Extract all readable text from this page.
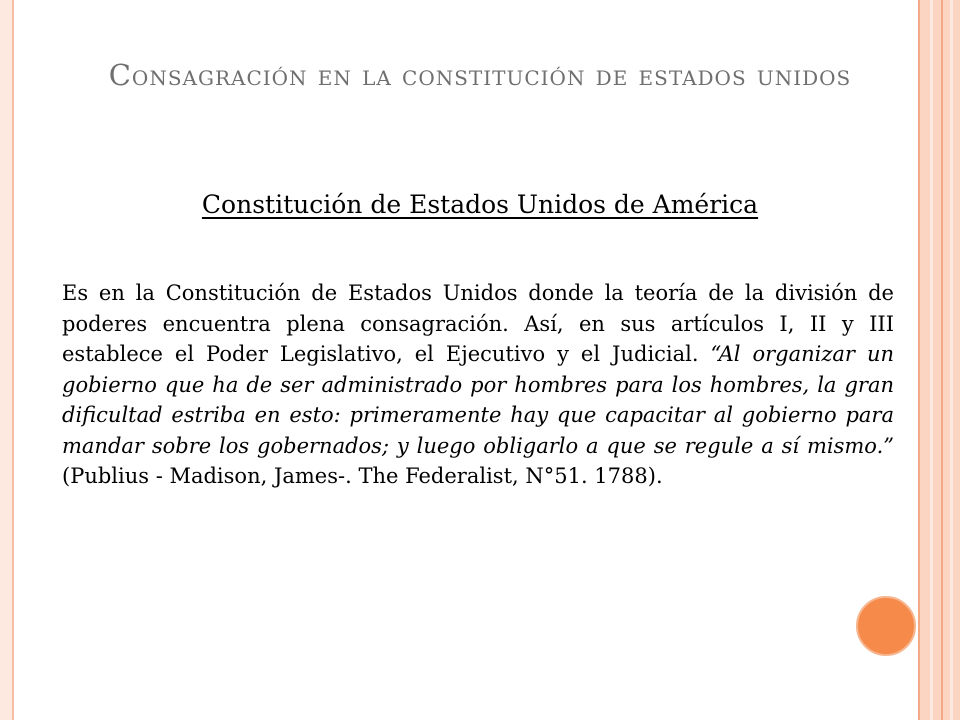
Consagración en la constitución de estados unidos
Constitución de Estados Unidos de América

Es en la Constitución de Estados Unidos donde la teoría de la división de poderes encuentra plena consagración. Así, en sus artículos I, II y III establece el Poder Legislativo, el Ejecutivo y el Judicial. “Al organizar un gobierno que ha de ser administrado por hombres para los hombres, la gran dificultad estriba en esto: primeramente hay que capacitar al gobierno para mandar sobre los gobernados; y luego obligarlo a que se regule a sí mismo.” (Publius - Madison, James-. The Federalist, N°51. 1788).
